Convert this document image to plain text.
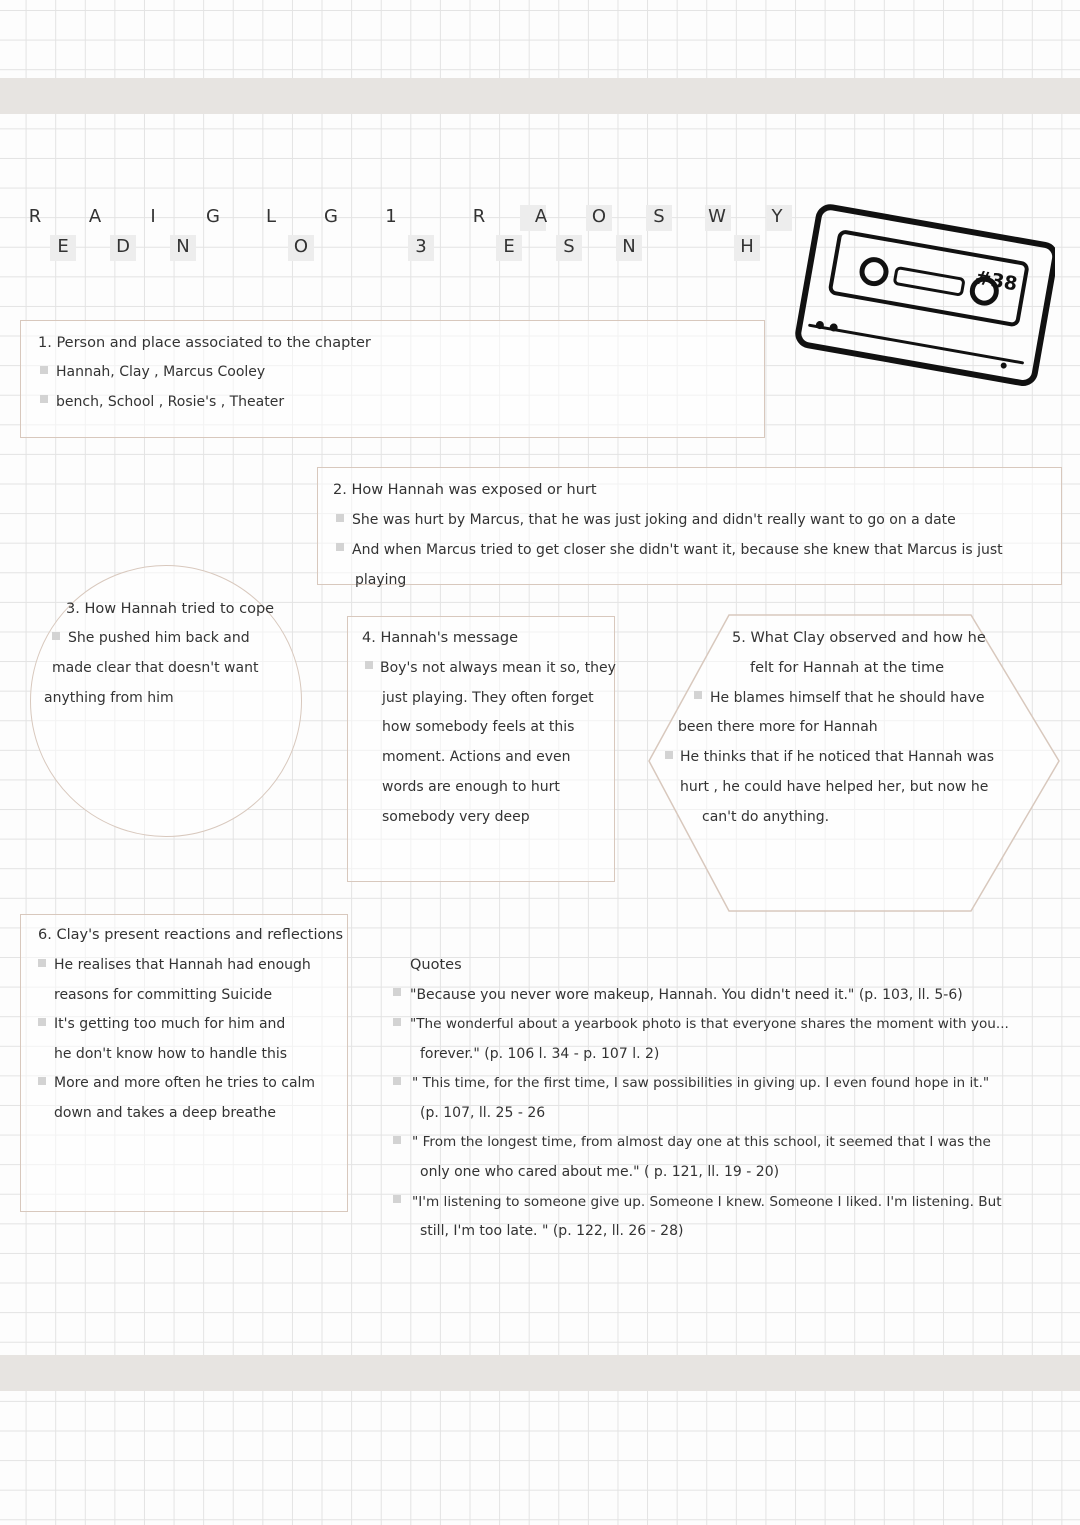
R	A	I	G	L	G	1	R	A O	S W	Y
E	D	N	O	3	E	S	N	H
#38
1. Person and place associated to the chapter
Hannah, Clay , Marcus Cooley
bench, School , Rosie's , Theater
2. How Hannah was exposed or hurt
She was hurt by Marcus, that he was just joking and didn't really want to go on a date
And when Marcus tried to get closer she didn't want it, because she knew that Marcus is just
playing
3. How Hannah tried to cope
She pushed him back and
made clear that doesn't want
anything from him
4. Hannah's message
Boy's not always mean it so, they
just playing. They often forget
how somebody feels at this
moment. Actions and even
words are enough to hurt
somebody very deep
5. What Clay observed and how he
felt for Hannah at the time
He blames himself that he should have
been there more for Hannah
He thinks that if he noticed that Hannah was
hurt , he could have helped her, but now he
can't do anything.
6. Clay's present reactions and reflections
He realises that Hannah had enough
reasons for committing Suicide
It's getting too much for him and
he don't know how to handle this
More and more often he tries to calm
down and takes a deep breathe
Quotes
"Because you never wore makeup, Hannah. You didn't need it." (p. 103, ll. 5-6)
"The wonderful about a yearbook photo is that everyone shares the moment with you...
forever." (p. 106 l. 34 - p. 107 l. 2)
" This time, for the first time, I saw possibilities in giving up. I even found hope in it."
(p. 107, ll. 25 - 26
" From the longest time, from almost day one at this school, it seemed that I was the
only one who cared about me." ( p. 121, ll. 19 - 20)
"I'm listening to someone give up. Someone I knew. Someone I liked. I'm listening. But
still, I'm too late. " (p. 122, ll. 26 - 28)
